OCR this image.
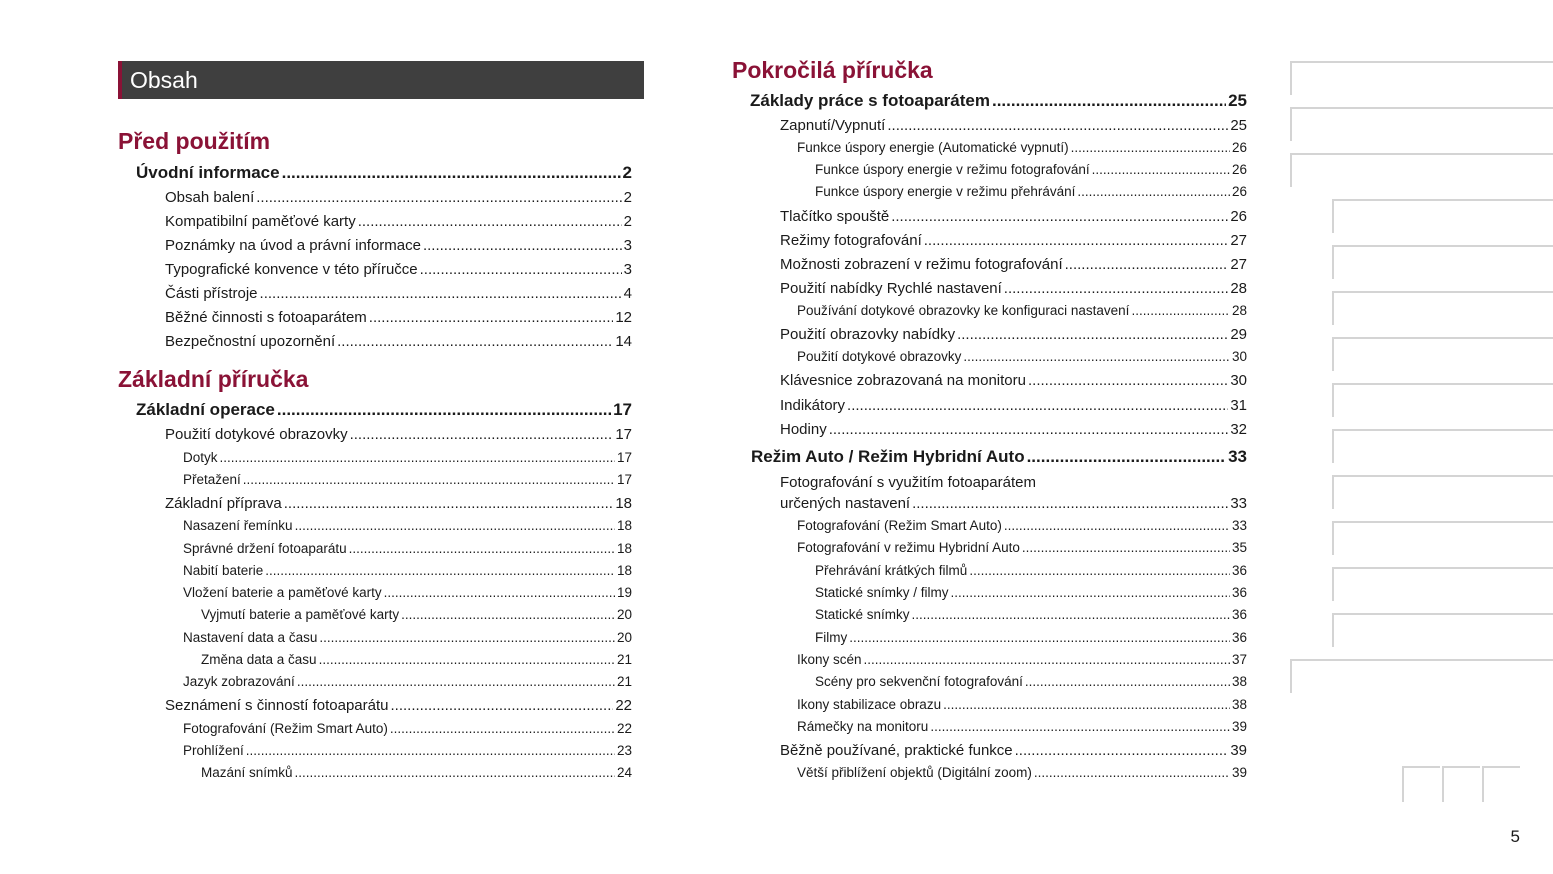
Obsah
Před použitím
Základní příručka
Pokročilá příručka
Úvodní informace .....	2
Obsah balení .....	2
Kompatibilní paměťové karty .....	2
Poznámky na úvod a právní informace .....	3
Typografické konvence v této příručce .....	3
Části přístroje .....	4
Běžné činnosti s fotoaparátem .....	12
Bezpečnostní upozornění .....	14
Základní operace .....	17
Použití dotykové obrazovky .....	17
Dotyk .....	17
Přetažení .....	17
Základní příprava .....	18
Nasazení řemínku .....	18
Správné držení fotoaparátu .....	18
Nabití baterie .....	18
Vložení baterie a paměťové karty .....	19
Vyjmutí baterie a paměťové karty .....	20
Nastavení data a času .....	20
Změna data a času .....	21
Jazyk zobrazování .....	21
Seznámení s činností fotoaparátu .....	22
Fotografování (Režim Smart Auto) .....	22
Prohlížení .....	23
Mazání snímků .....	24
Základy práce s fotoaparátem .....	25
Zapnutí/Vypnutí .....	25
Funkce úspory energie (Automatické vypnutí) .....	26
Funkce úspory energie v režimu fotografování .....	26
Funkce úspory energie v režimu přehrávání .....	26
Tlačítko spouště .....	26
Režimy fotografování .....	27
Možnosti zobrazení v režimu fotografování .....	27
Použití nabídky Rychlé nastavení .....	28
Používání dotykové obrazovky ke konfiguraci nastavení .....	28
Použití obrazovky nabídky .....	29
Použití dotykové obrazovky .....	30
Klávesnice zobrazovaná na monitoru .....	30
Indikátory .....	31
Hodiny .....	32
Režim Auto / Režim Hybridní Auto .....	33
Fotografování s využitím fotoaparátem
určených nastavení .....	33
Fotografování (Režim Smart Auto) .....	33
Fotografování v režimu Hybridní Auto .....	35
Přehrávání krátkých filmů .....	36
Statické snímky / filmy .....	36
Statické snímky .....	36
Filmy .....	36
Ikony scén .....	37
Scény pro sekvenční fotografování .....	38
Ikony stabilizace obrazu .....	38
Rámečky na monitoru .....	39
Běžně používané, praktické funkce .....	39
Větší přiblížení objektů (Digitální zoom) .....	39
5
